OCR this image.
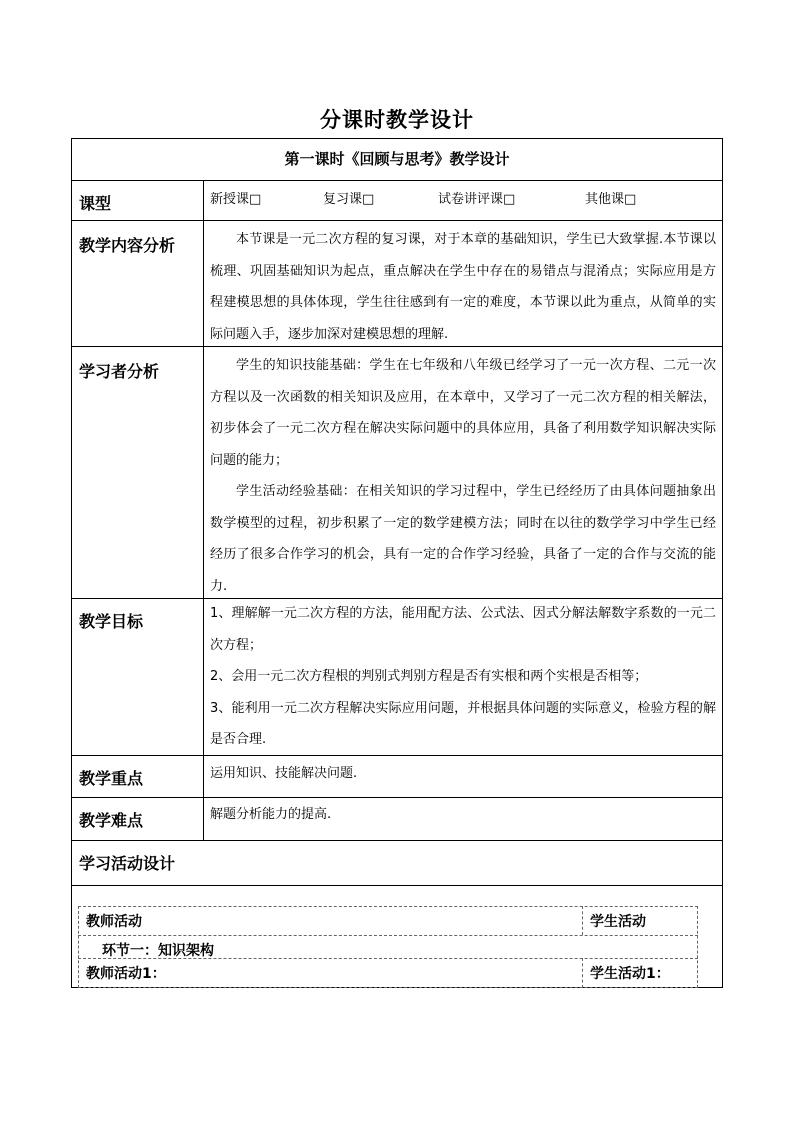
分课时教学设计
第一课时《回顾与思考》教学设计
课型	新授课□	复习课□	试卷讲评课□	其他课□
教学内容分析	本节课是一元二次方程的复习课，对于本章的基础知识，学生已大致掌握.本节课以梳理、巩固基础知识为起点，重点解决在学生中存在的易错点与混淆点；实际应用是方程建模思想的具体体现，学生往往感到有一定的难度，本节课以此为重点，从简单的实际问题入手，逐步加深对建模思想的理解.

学习者分析	学生的知识技能基础：学生在七年级和八年级已经学习了一元一次方程、二元一次方程以及一次函数的相关知识及应用，在本章中，又学习了一元二次方程的相关解法，初步体会了一元二次方程在解决实际问题中的具体应用，具备了利用数学知识解决实际问题的能力；

学生活动经验基础：在相关知识的学习过程中，学生已经经历了由具体问题抽象出数学模型的过程，初步积累了一定的数学建模方法；同时在以往的数学学习中学生已经经历了很多合作学习的机会，具有一定的合作学习经验，具备了一定的合作与交流的能力.

教学目标	1、理解解一元二次方程的方法，能用配方法、公式法、因式分解法解数字系数的一元二次方程；

2、会用一元二次方程根的判别式判别方程是否有实根和两个实根是否相等；

3、能利用一元二次方程解决实际应用问题，并根据具体问题的实际意义，检验方程的解是否合理.

教学重点	运用知识、技能解决问题.

教学难点	解题分析能力的提高.

学习活动设计
教师活动	学生活动
环节一：知识架构
教师活动1：	学生活动1：
